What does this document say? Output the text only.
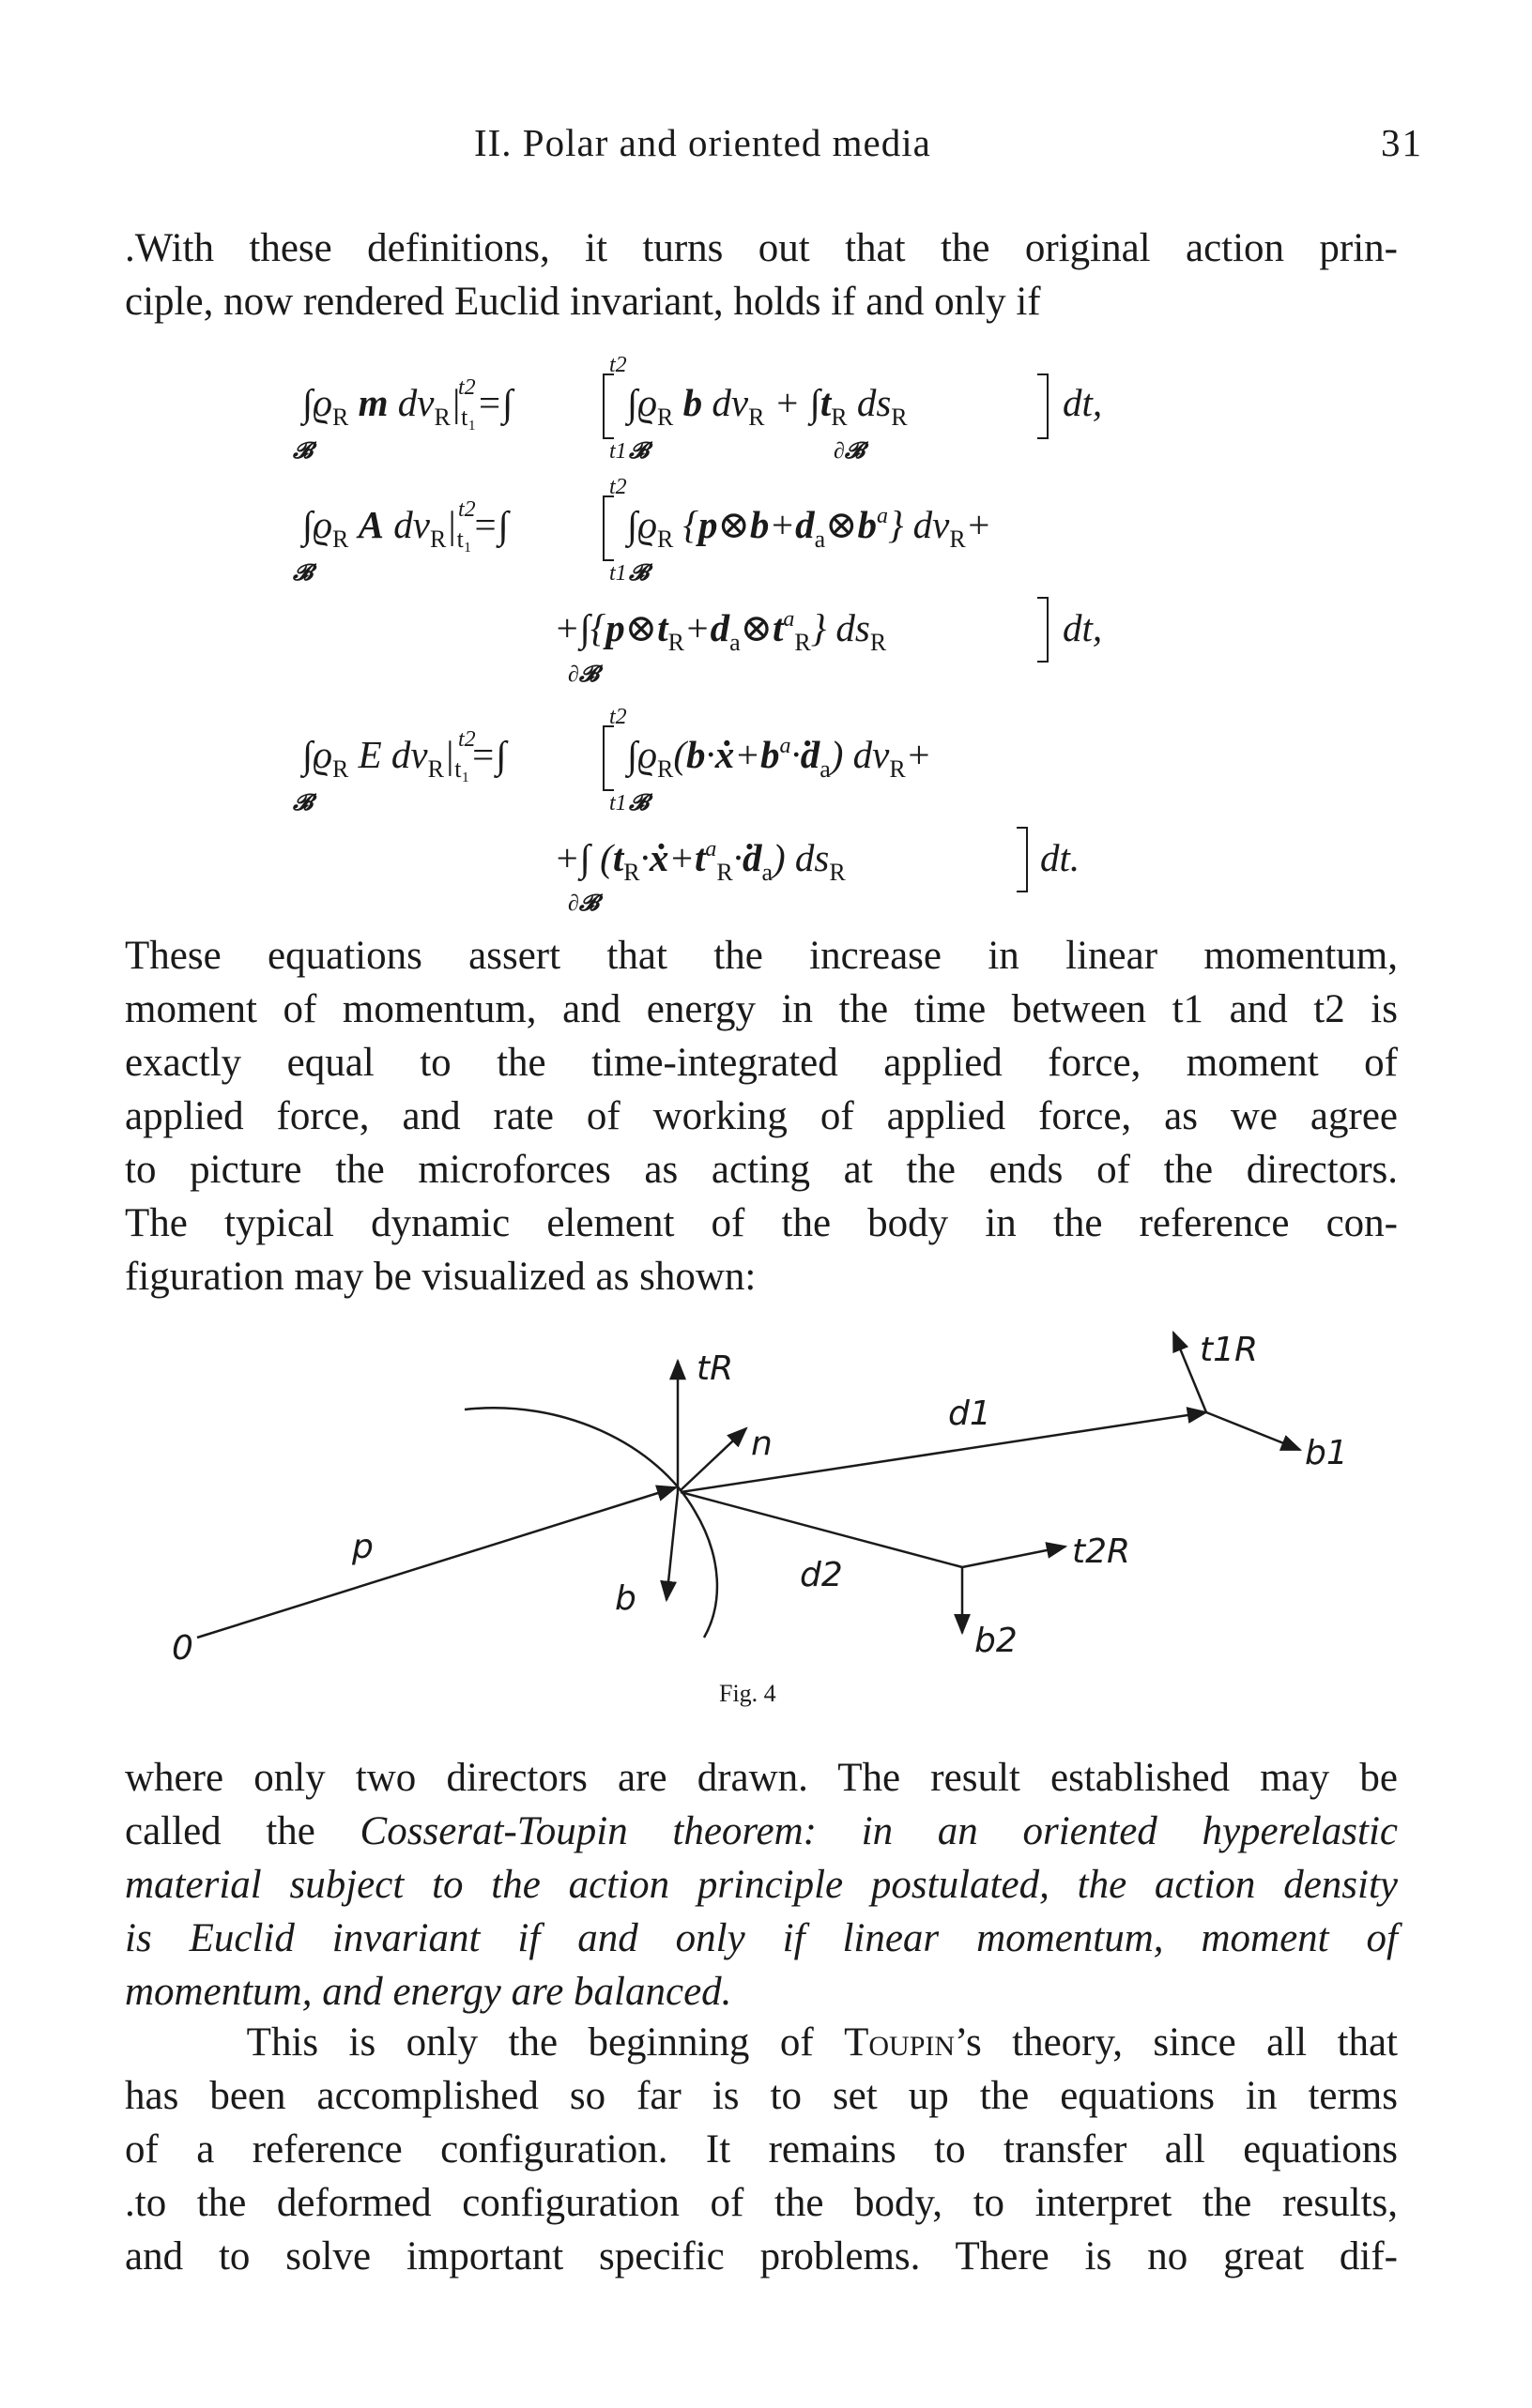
II. Polar and oriented media	31

.With these definitions, it turns out that the original action prin-
ciple, now rendered Euclid invariant, holds if and only if

$\int ϱ_R$ m $dv_R|_{t_1}=\int$	$\int ϱ_R$ b $dv_R + \int t_R$ $ds_R$	dt,
t2
t1
t2
𝓑	𝓑	∂𝓑
$\int ϱ_R$ A $dv_R|_{t_1}=\int$	$\int ϱ_R$ $\{p\otimes b+d_a\otimes b^a\}$ $dv_R+$
$+\int\{p\otimes t_R+d_a\otimes t^a_R\}$ $ds_R$	dt,
t2
t1
t2
𝓑	𝓑
∂𝓑
$\int ϱ_R$ E $dv_R|_{t_1}=\int$	$\int ϱ_R(b\cdot ẋ+b^a\cdot ḋ_a)$ $dv_R+$
+∫ $(t_R\cdot ẋ+t^a_R\cdot ḋ_a)$ $ds_R$	dt.
t2
t1
t2
𝓑	𝓑
∂𝓑

These equations assert that the increase in linear momentum,
moment of momentum, and energy in the time between t1 and t2 is
exactly equal to the time-integrated applied force, moment of
applied force, and rate of working of applied force, as we agree
to picture the microforces as acting at the ends of the directors.
The typical dynamic element of the body in the reference con-
figuration may be visualized as shown:

0
p
tR
n
b
d1
d2
t1R
b1
t2R
b2
Fig. 4

where only two directors are drawn. The result established may be
called the Cosserat-Toupin theorem: in an oriented hyperelastic
material subject to the action principle postulated, the action density
is Euclid invariant if and only if linear momentum, moment of
momentum, and energy are balanced.

This is only the beginning of Toupin’s theory, since all that
has been accomplished so far is to set up the equations in terms
of a reference configuration. It remains to transfer all equations
.to the deformed configuration of the body, to interpret the results,
and to solve important specific problems. There is no great dif-
